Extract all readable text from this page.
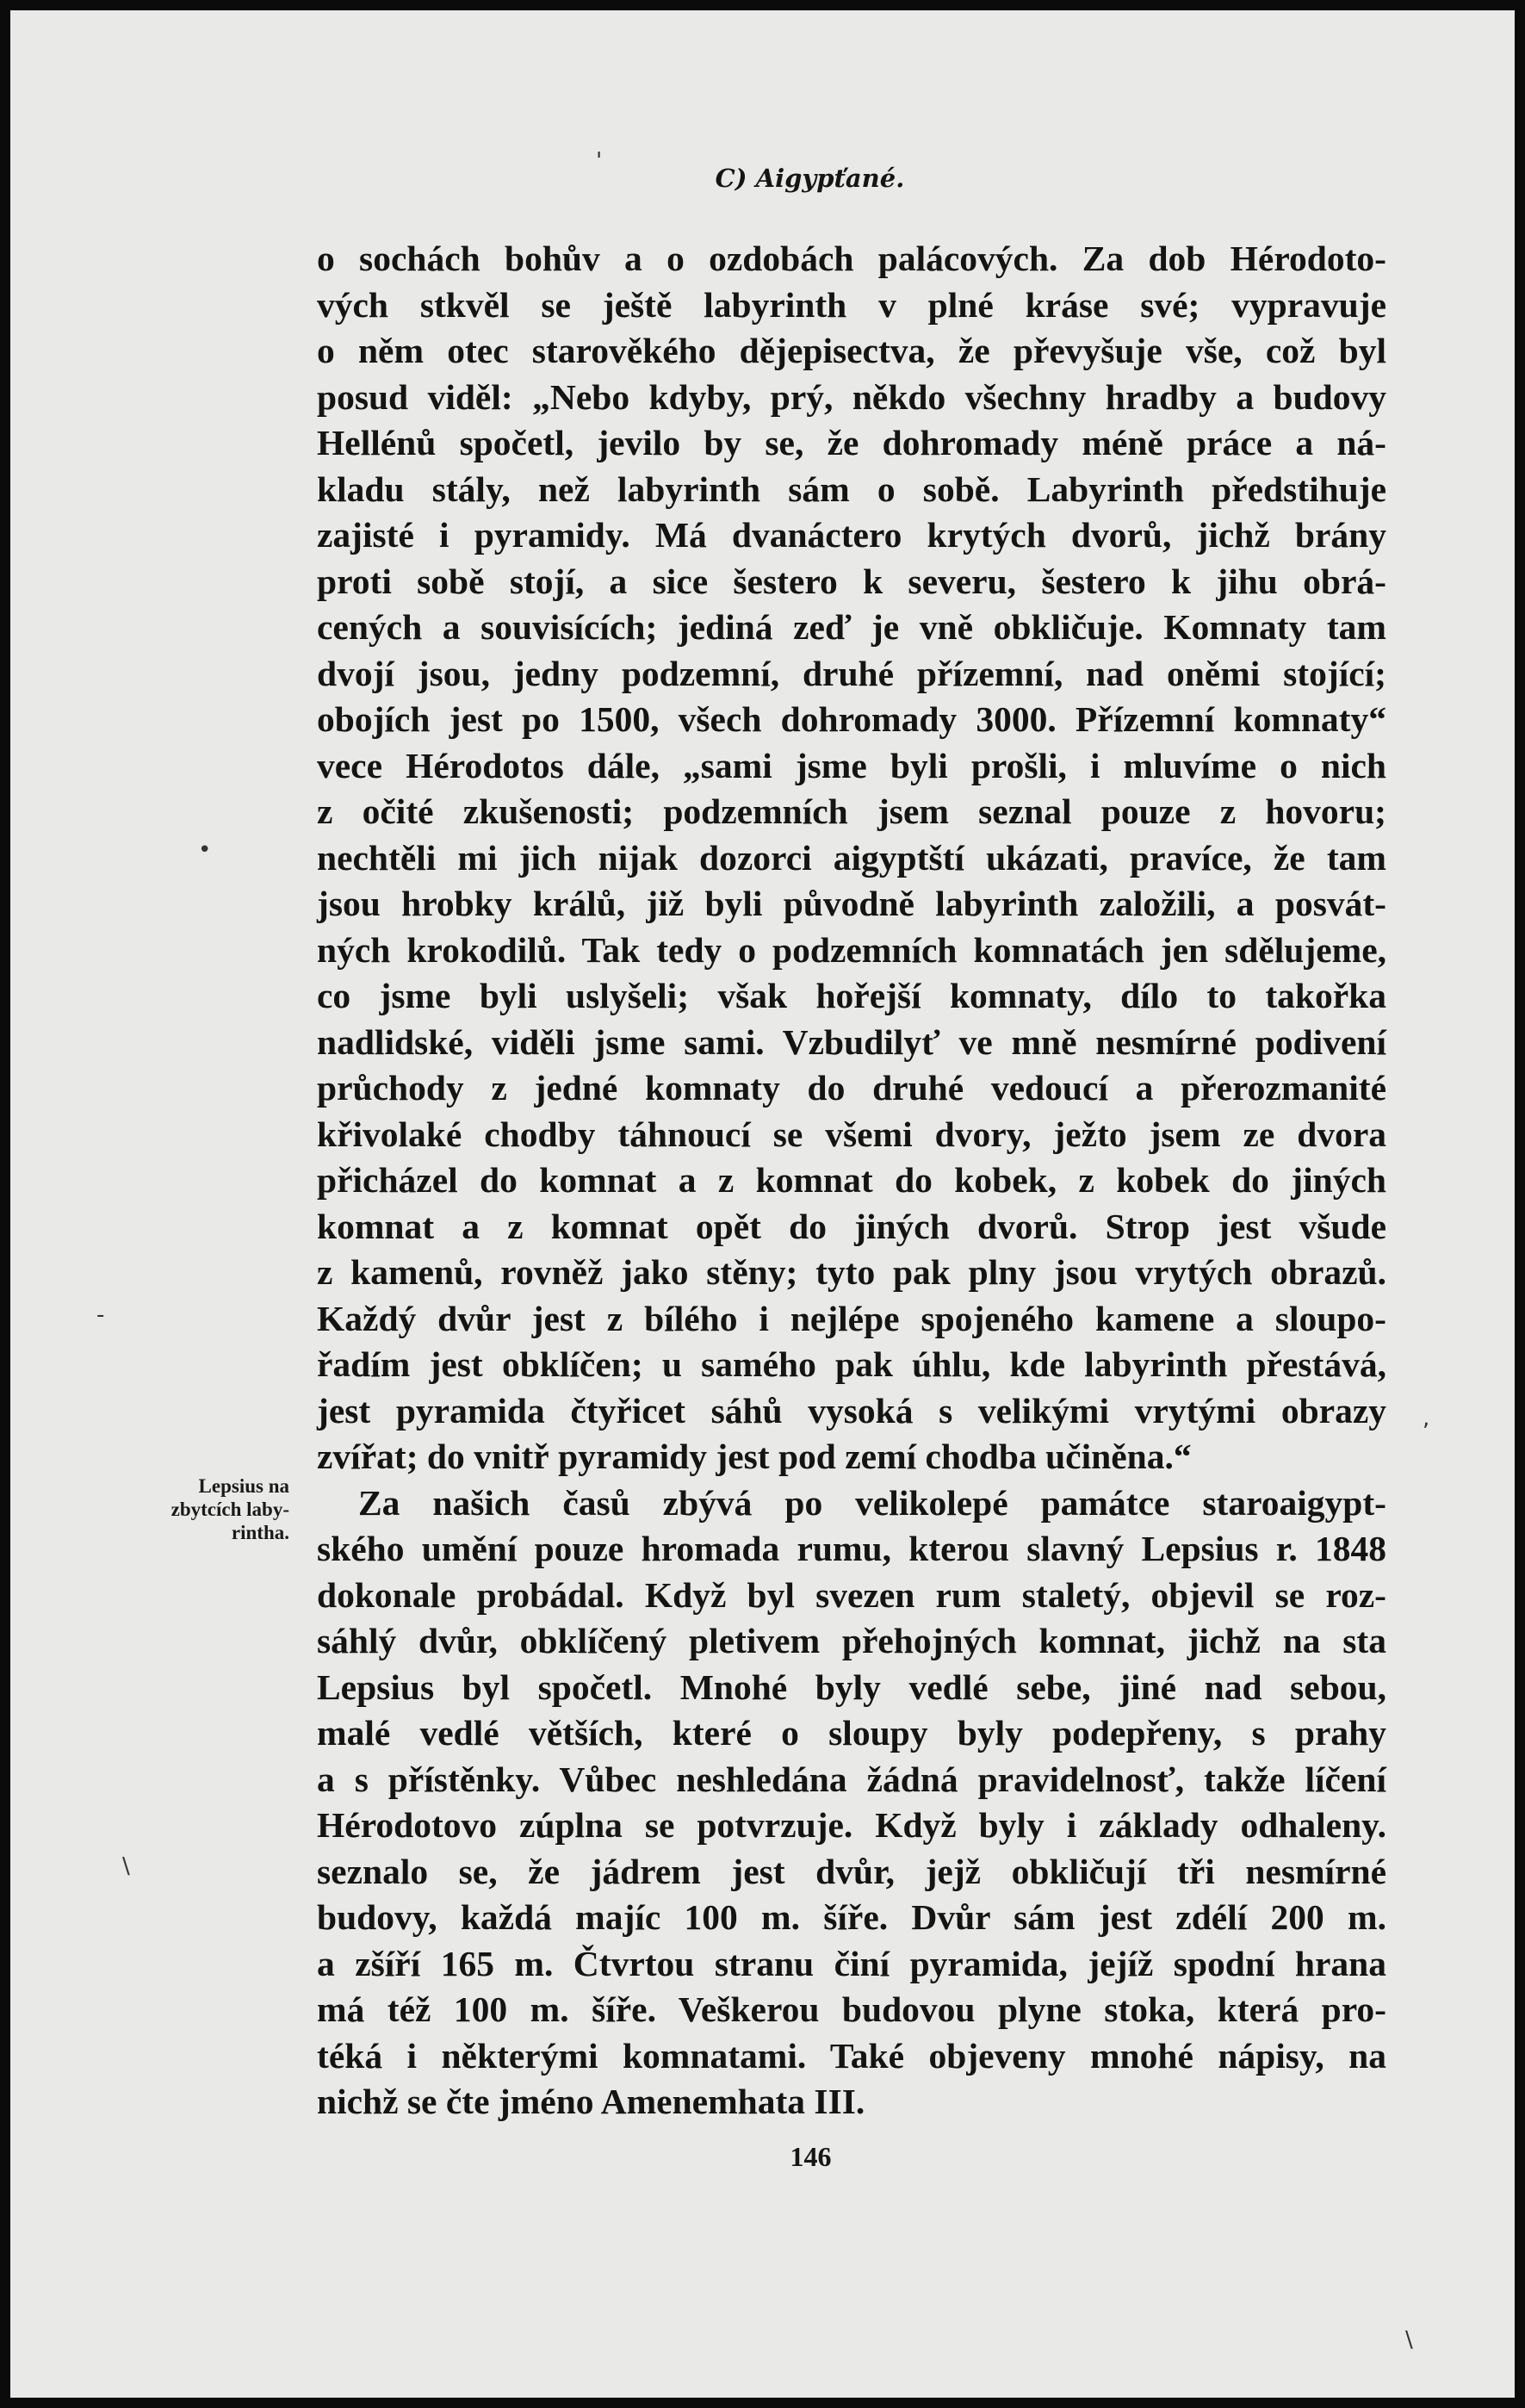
C) Aigypťané.
o sochách bohův a o ozdobách palácových. Za dob Hérodoto-
vých stkvěl se ještě labyrinth v plné kráse své; vypravuje
o něm otec starověkého dějepisectva, že převyšuje vše, což byl
posud viděl: „Nebo kdyby, prý, někdo všechny hradby a budovy
Hellénů spočetl, jevilo by se, že dohromady méně práce a ná-
kladu stály, než labyrinth sám o sobě. Labyrinth předstihuje
zajisté i pyramidy. Má dvanáctero krytých dvorů, jichž brány
proti sobě stojí, a sice šestero k severu, šestero k jihu obrá-
cených a souvisících; jediná zeď je vně obkličuje. Komnaty tam
dvojí jsou, jedny podzemní, druhé přízemní, nad oněmi stojící;
obojích jest po 1500, všech dohromady 3000. Přízemní komnaty“
vece Hérodotos dále, „sami jsme byli prošli, i mluvíme o nich
z očité zkušenosti; podzemních jsem seznal pouze z hovoru;
nechtěli mi jich nijak dozorci aigyptští ukázati, pravíce, že tam
jsou hrobky králů, již byli původně labyrinth založili, a posvát-
ných krokodilů. Tak tedy o podzemních komnatách jen sdělujeme,
co jsme byli uslyšeli; však hořejší komnaty, dílo to takořka
nadlidské, viděli jsme sami. Vzbudilyť ve mně nesmírné podivení
průchody z jedné komnaty do druhé vedoucí a přerozmanité
křivolaké chodby táhnoucí se všemi dvory, ježto jsem ze dvora
přicházel do komnat a z komnat do kobek, z kobek do jiných
komnat a z komnat opět do jiných dvorů. Strop jest všude
z kamenů, rovněž jako stěny; tyto pak plny jsou vrytých obrazů.
Každý dvůr jest z bílého i nejlépe spojeného kamene a sloupo-
řadím jest obklíčen; u samého pak úhlu, kde labyrinth přestává,
jest pyramida čtyřicet sáhů vysoká s velikými vrytými obrazy
zvířat; do vnitř pyramidy jest pod zemí chodba učiněna.“
Za našich časů zbývá po velikolepé památce staroaigypt-
ského umění pouze hromada rumu, kterou slavný Lepsius r. 1848
dokonale probádal. Když byl svezen rum staletý, objevil se roz-
sáhlý dvůr, obklíčený pletivem přehojných komnat, jichž na sta
Lepsius byl spočetl. Mnohé byly vedlé sebe, jiné nad sebou,
malé vedlé větších, které o sloupy byly podepřeny, s prahy
a s přístěnky. Vůbec neshledána žádná pravidelnosť, takže líčení
Hérodotovo zúplna se potvrzuje. Když byly i základy odhaleny.
seznalo se, že jádrem jest dvůr, jejž obkličují tři nesmírné
budovy, každá majíc 100 m. šíře. Dvůr sám jest zdélí 200 m.
a zšíří 165 m. Čtvrtou stranu činí pyramida, jejíž spodní hrana
má též 100 m. šíře. Veškerou budovou plyne stoka, která pro-
téká i některými komnatami. Také objeveny mnohé nápisy, na
nichž se čte jméno Amenemhata III.
Lepsius na
zbytcích laby-
rintha.
146
'
•
-
\
,
\
